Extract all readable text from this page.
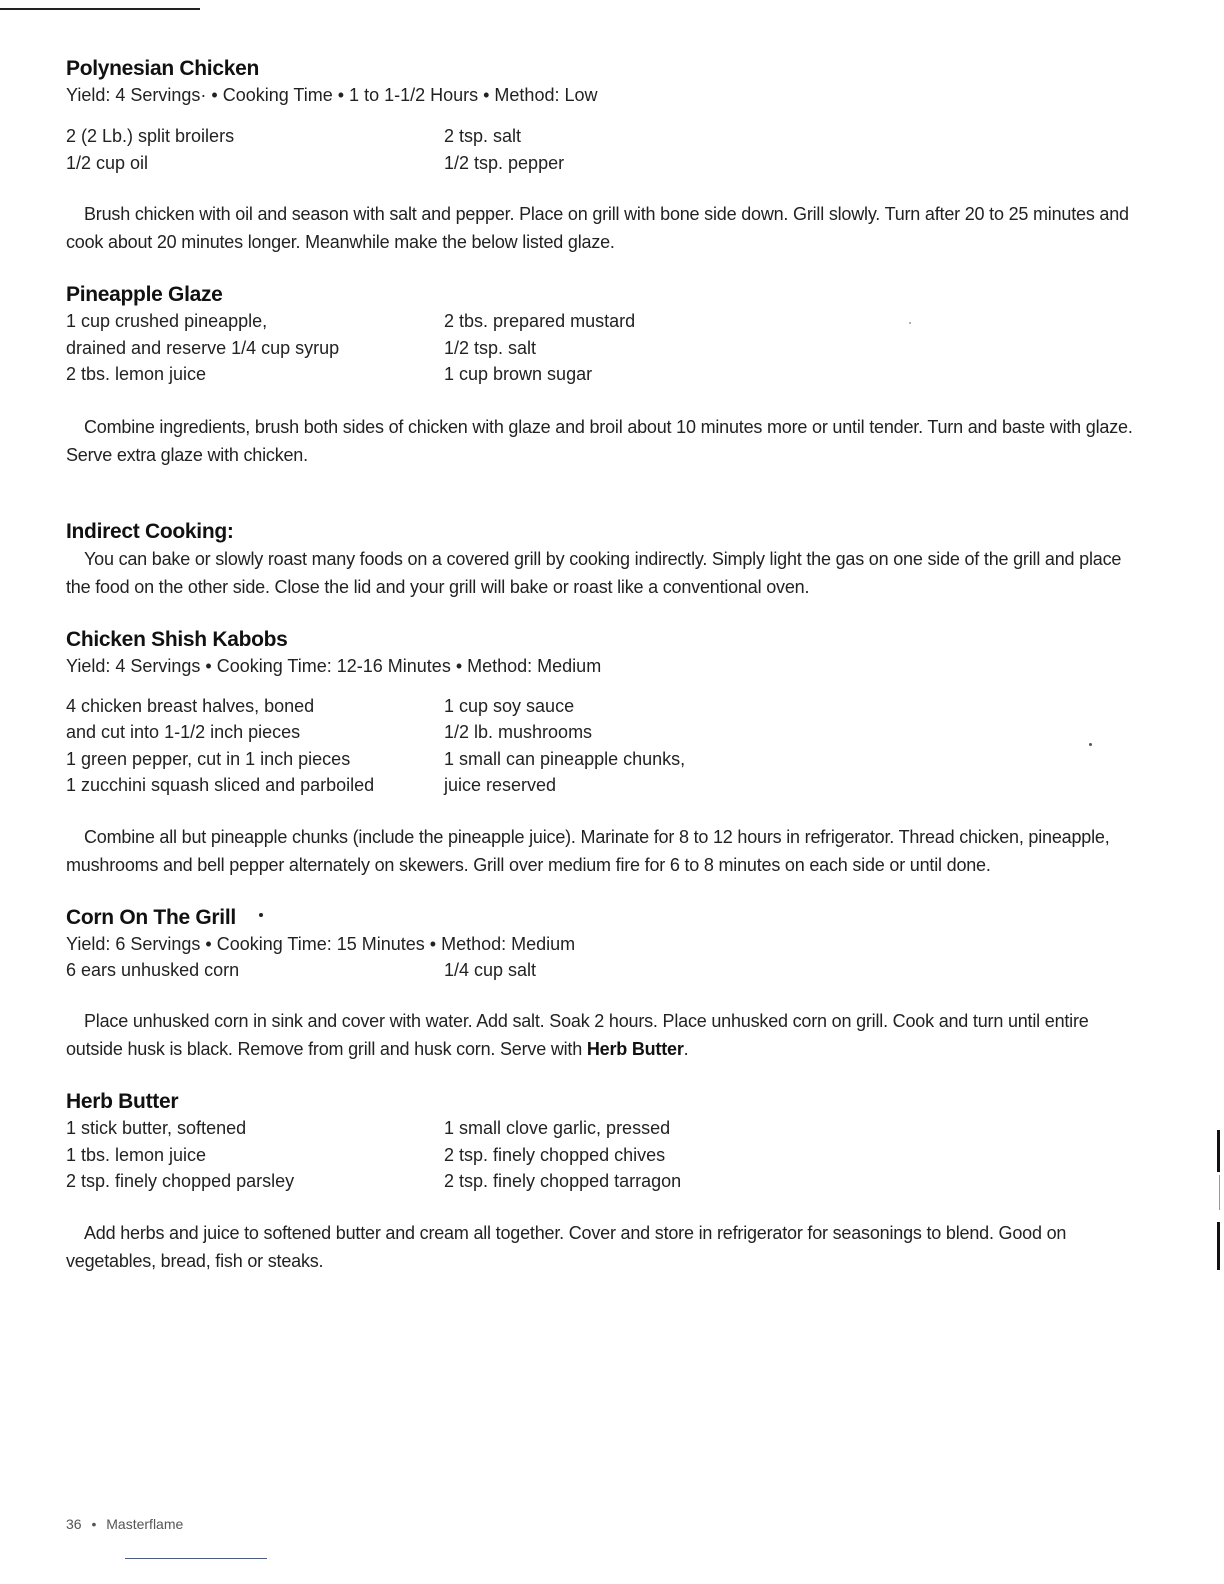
Polynesian Chicken
Yield: 4 Servings· • Cooking Time • 1 to 1-1/2 Hours • Method: Low
2 (2 Lb.) split broilers
1/2 cup oil
2 tsp. salt
1/2 tsp. pepper
Brush chicken with oil and season with salt and pepper. Place on grill with bone side down. Grill slowly. Turn after 20 to 25 minutes and cook about 20 minutes longer. Meanwhile make the below listed glaze.
Pineapple Glaze
1 cup crushed pineapple,
drained and reserve 1/4 cup syrup
2 tbs. lemon juice
2 tbs. prepared mustard
1/2 tsp. salt
1 cup brown sugar
Combine ingredients, brush both sides of chicken with glaze and broil about 10 minutes more or until tender. Turn and baste with glaze. Serve extra glaze with chicken.
Indirect Cooking:
You can bake or slowly roast many foods on a covered grill by cooking indirectly. Simply light the gas on one side of the grill and place the food on the other side. Close the lid and your grill will bake or roast like a conventional oven.
Chicken Shish Kabobs
Yield: 4 Servings • Cooking Time: 12-16 Minutes • Method: Medium
4 chicken breast halves, boned
and cut into 1-1/2 inch pieces
1 green pepper, cut in 1 inch pieces
1 zucchini squash sliced and parboiled
1 cup soy sauce
1/2 lb. mushrooms
1 small can pineapple chunks,
juice reserved
Combine all but pineapple chunks (include the pineapple juice). Marinate for 8 to 12 hours in refrigerator. Thread chicken, pineapple, mushrooms and bell pepper alternately on skewers. Grill over medium fire for 6 to 8 minutes on each side or until done.
Corn On The Grill
Yield: 6 Servings • Cooking Time: 15 Minutes • Method: Medium
6 ears unhusked corn	1/4 cup salt
Place unhusked corn in sink and cover with water. Add salt. Soak 2 hours. Place unhusked corn on grill. Cook and turn until entire outside husk is black. Remove from grill and husk corn. Serve with Herb Butter.
Herb Butter
1 stick butter, softened
1 tbs. lemon juice
2 tsp. finely chopped parsley
1 small clove garlic, pressed
2 tsp. finely chopped chives
2 tsp. finely chopped tarragon
Add herbs and juice to softened butter and cream all together. Cover and store in refrigerator for seasonings to blend. Good on vegetables, bread, fish or steaks.
36 • Masterflame
